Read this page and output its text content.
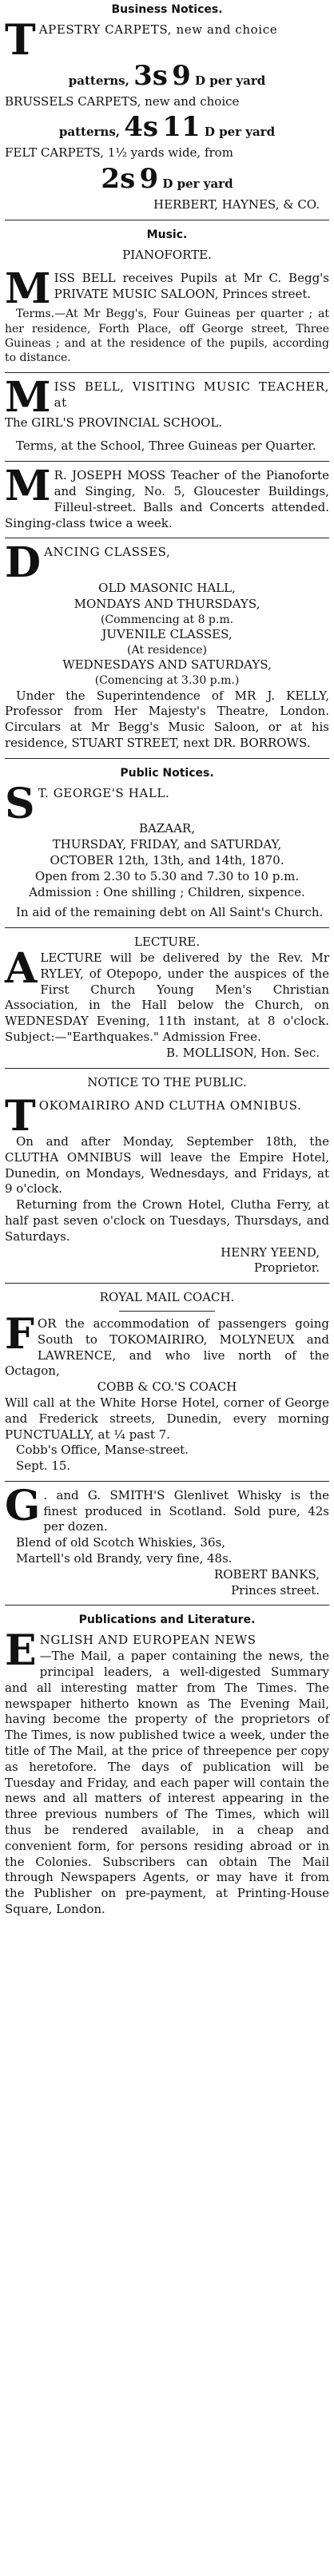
Business Notices.
T APESTRY CARPETS, new and choice
patterns, 3s 9 D per yard
BRUSSELS CARPETS, new and choice
patterns, 4s 11 D per yard
FELT CARPETS, 1½ yards wide, from
2s 9 D per yard
HERBERT, HAYNES, & CO.
Music.
PIANOFORTE.
M ISS BELL receives Pupils at Mr C. Begg's PRIVATE MUSIC SALOON, Princes street.
Terms.—At Mr Begg's, Four Guineas per quarter ; at her residence, Forth Place, off George street, Three Guineas ; and at the residence of the pupils, according to distance.
M ISS BELL, VISITING MUSIC TEACHER, at
The GIRL'S PROVINCIAL SCHOOL.
Terms, at the School, Three Guineas per Quarter.
M R. JOSEPH MOSS Teacher of the Pianoforte and Singing, No. 5, Gloucester Buildings, Filleul-street. Balls and Concerts attended. Singing-class twice a week.
D ANCING CLASSES,
OLD MASONIC HALL,
MONDAYS AND THURSDAYS,
(Commencing at 8 p.m.
JUVENILE CLASSES,
(At residence)
WEDNESDAYS AND SATURDAYS,
(Comencing at 3.30 p.m.)
Under the Superintendence of MR J. KELLY, Professor from Her Majesty's Theatre, London. Circulars at Mr Begg's Music Saloon, or at his residence, STUART STREET, next DR. BORROWS.
Public Notices.
S T. GEORGE'S HALL.
BAZAAR,
THURSDAY, FRIDAY, and SATURDAY,
OCTOBER 12th, 13th, and 14th, 1870.
Open from 2.30 to 5.30 and 7.30 to 10 p.m.
Admission : One shilling ; Children, sixpence.
In aid of the remaining debt on All Saint's Church.
LECTURE.
A LECTURE will be delivered by the Rev. Mr RYLEY, of Otepopo, under the auspices of the First Church Young Men's Christian Association, in the Hall below the Church, on WEDNESDAY Evening, 11th instant, at 8 o'clock. Subject:—"Earthquakes." Admission Free.
B. MOLLISON, Hon. Sec.
NOTICE TO THE PUBLIC.
T OKOMAIRIRO AND CLUTHA OMNIBUS.
On and after Monday, September 18th, the CLUTHA OMNIBUS will leave the Empire Hotel, Dunedin, on Mondays, Wednesdays, and Fridays, at 9 o'clock.
Returning from the Crown Hotel, Clutha Ferry, at half past seven o'clock on Tuesdays, Thursdays, and Saturdays.
HENRY YEEND,
Proprietor.
ROYAL MAIL COACH.
F OR the accommodation of passengers going South to TOKOMAIRIRO, MOLYNEUX and LAWRENCE, and who live north of the Octagon,
COBB & CO.'S COACH
Will call at the White Horse Hotel, corner of George and Frederick streets, Dunedin, every morning PUNCTUALLY, at ¼ past 7.
Cobb's Office, Manse-street.
Sept. 15.
G . and G. SMITH'S Glenlivet Whisky is the finest produced in Scotland. Sold pure, 42s per dozen.
Blend of old Scotch Whiskies, 36s,
Martell's old Brandy, very fine, 48s.
ROBERT BANKS,
Princes street.
Publications and Literature.
E NGLISH AND EUROPEAN NEWS
—The Mail, a paper containing the news, the principal leaders, a well-digested Summary and all interesting matter from The Times. The newspaper hitherto known as The Evening Mail, having become the property of the proprietors of The Times, is now published twice a week, under the title of The Mail, at the price of threepence per copy as heretofore. The days of publication will be Tuesday and Friday, and each paper will contain the news and all matters of interest appearing in the three previous numbers of The Times, which will thus be rendered available, in a cheap and convenient form, for persons residing abroad or in the Colonies. Subscribers can obtain The Mail through Newspapers Agents, or may have it from the Publisher on pre-payment, at Printing-House Square, London.
